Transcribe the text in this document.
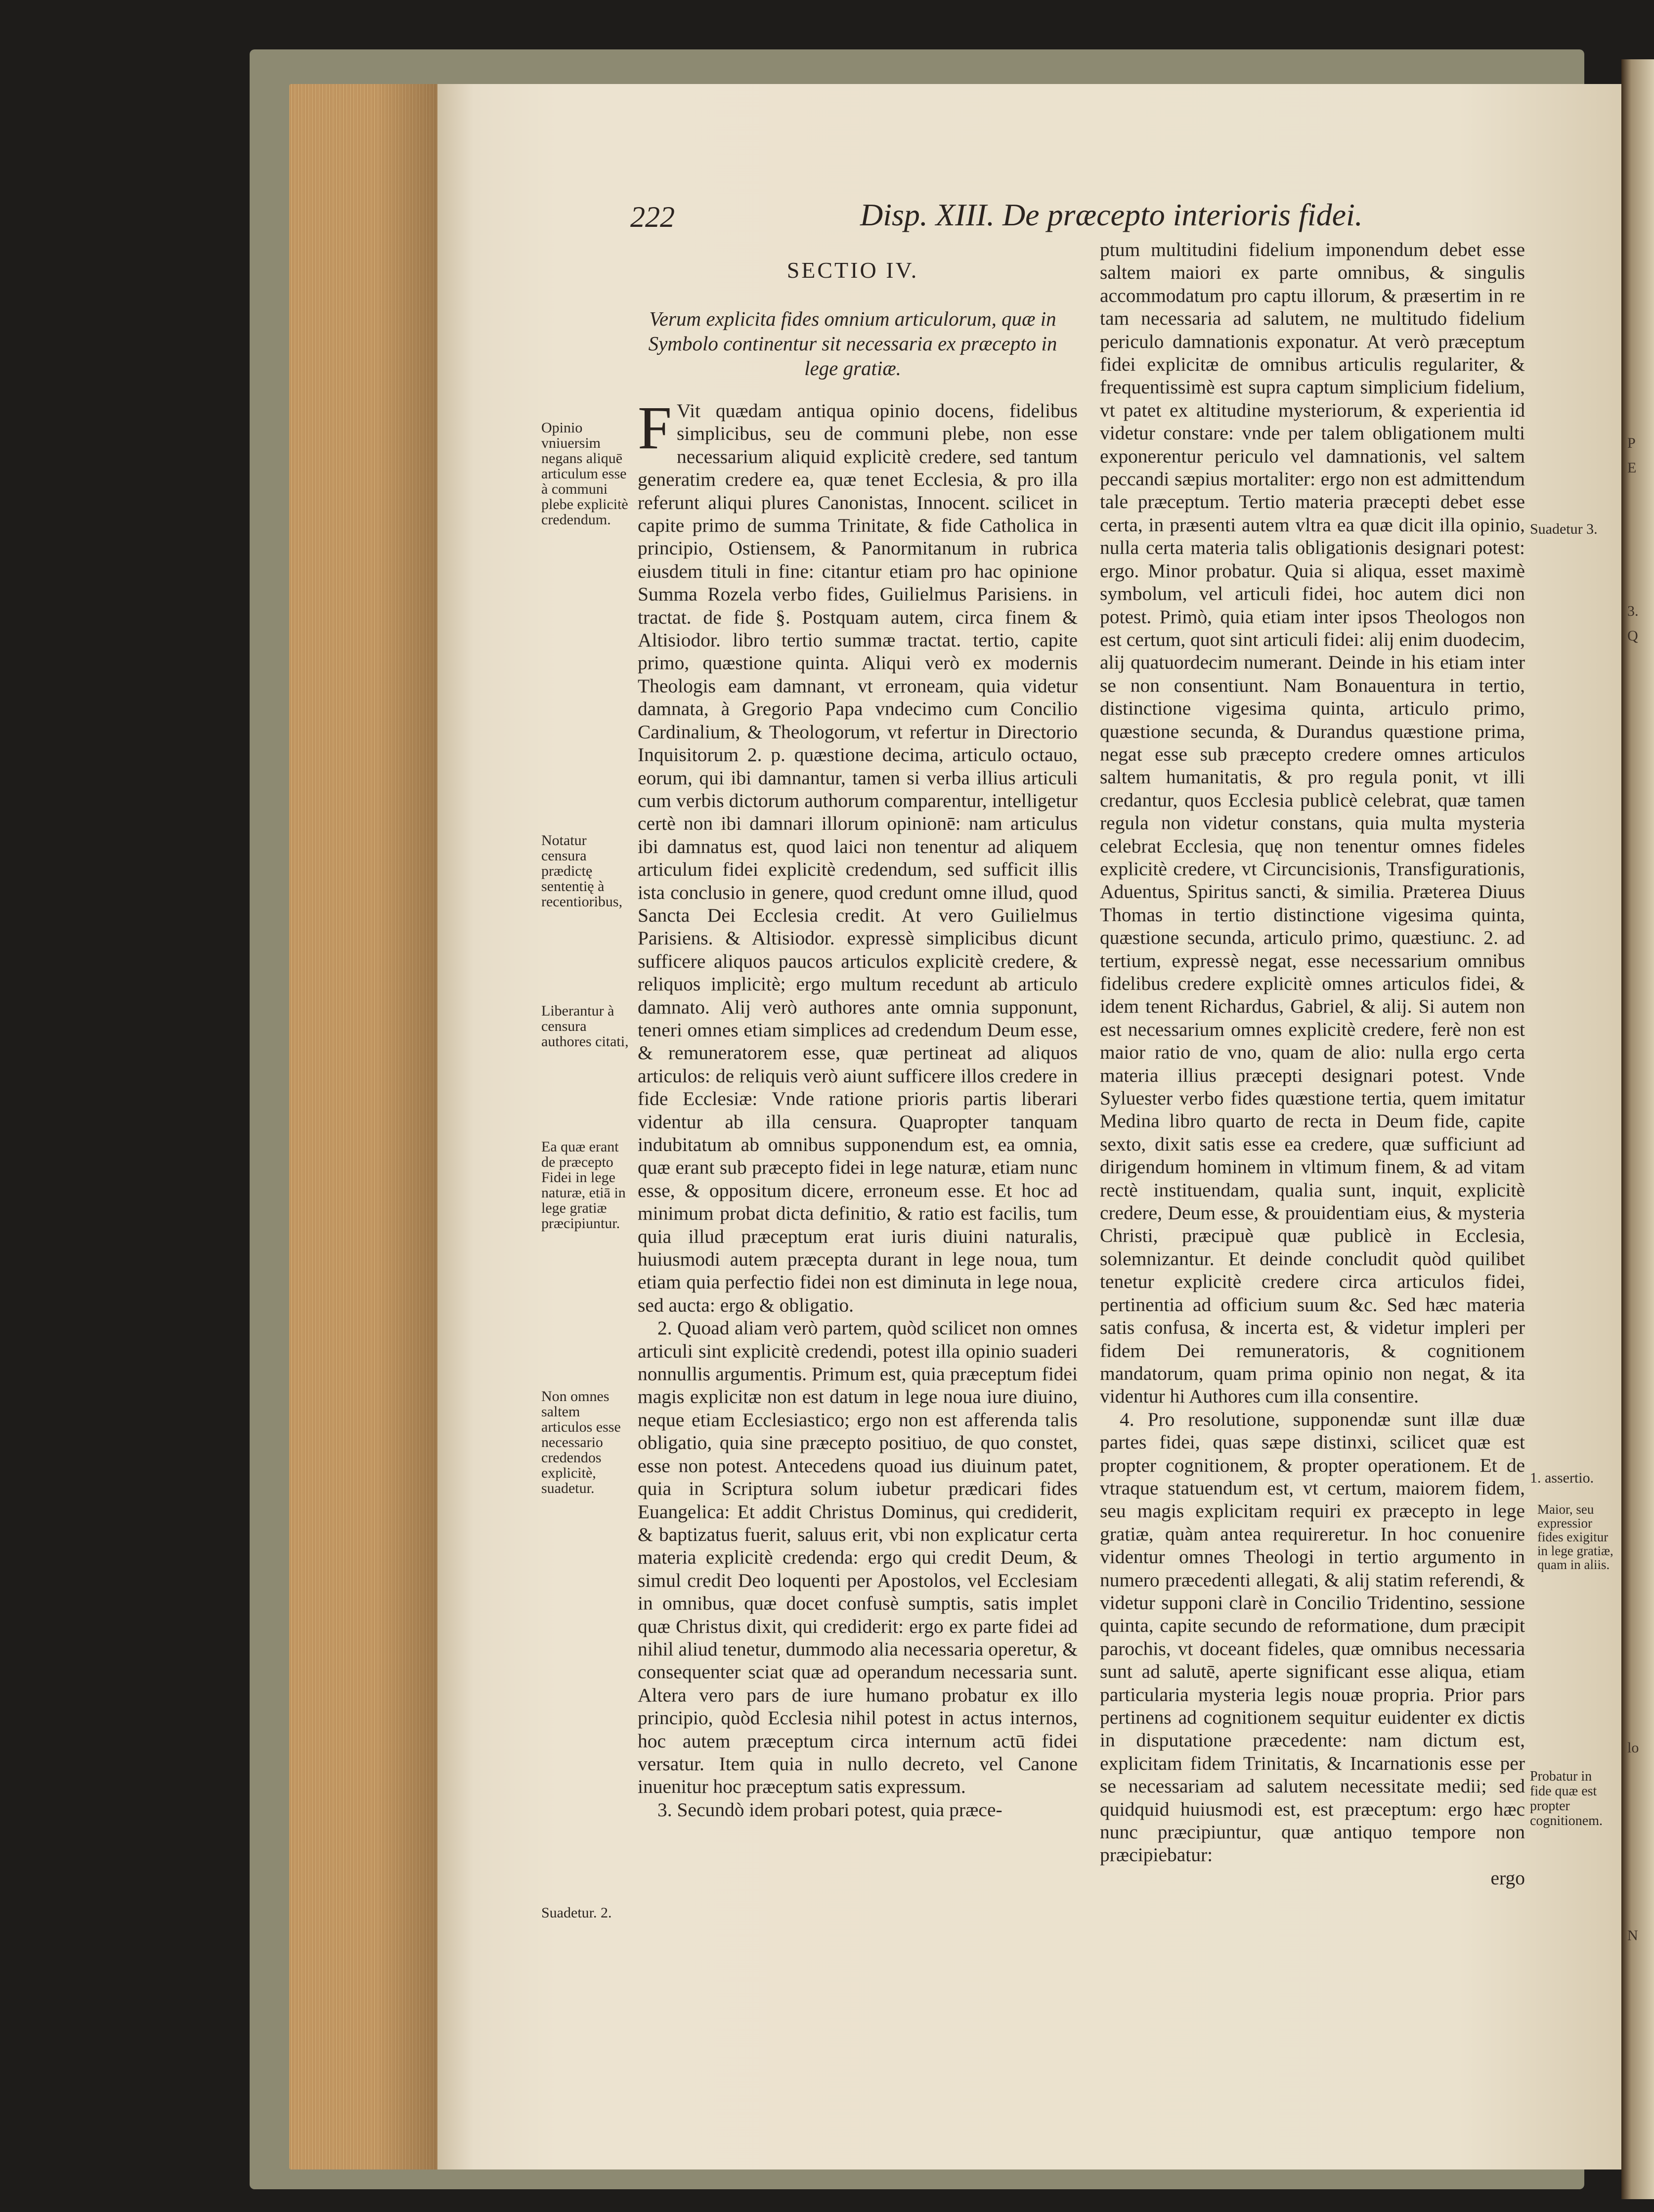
P
E
3.
Q
lo
N
222	Disp. XIII. De præcepto interioris fidei.
SECTIO IV.
Verum explicita fides omnium articulorum, quæ in Symbolo continentur sit necessaria ex præcepto in lege gratiæ.

F Vit quædam antiqua opinio docens, fidelibus simplicibus, seu de communi plebe, non esse necessarium aliquid explicitè credere, sed tantum generatim credere ea, quæ tenet Ecclesia, & pro illa referunt aliqui plures Canonistas, Innocent. scilicet in capite primo de summa Trinitate, & fide Catholica in principio, Ostiensem, & Panormitanum in rubrica eiusdem tituli in fine: citantur etiam pro hac opinione Summa Rozela verbo fides, Guilielmus Parisiens. in tractat. de fide §. Postquam autem, circa finem & Altisiodor. libro tertio summæ tractat. tertio, capite primo, quæstione quinta. Aliqui verò ex modernis Theologis eam damnant, vt erroneam, quia videtur damnata, à Gregorio Papa vndecimo cum Concilio Cardinalium, & Theologorum, vt refertur in Directorio Inquisitorum 2. p. quæstione decima, articulo octauo, eorum, qui ibi damnantur, tamen si verba illius articuli cum verbis dictorum authorum comparentur, intelligetur certè non ibi damnari illorum opinionē: nam articulus ibi damnatus est, quod laici non tenentur ad aliquem articulum fidei explicitè credendum, sed sufficit illis ista conclusio in genere, quod credunt omne illud, quod Sancta Dei Ecclesia credit. At vero Guilielmus Parisiens. & Altisiodor. expressè simplicibus dicunt sufficere aliquos paucos articulos explicitè credere, & reliquos implicitè; ergo multum recedunt ab articulo damnato. Alij verò authores ante omnia supponunt, teneri omnes etiam simplices ad credendum Deum esse, & remuneratorem esse, quæ pertineat ad aliquos articulos: de reliquis verò aiunt sufficere illos credere in fide Ecclesiæ: Vnde ratione prioris partis liberari videntur ab illa censura. Quapropter tanquam indubitatum ab omnibus supponendum est, ea omnia, quæ erant sub præcepto fidei in lege naturæ, etiam nunc esse, & oppositum dicere, erroneum esse. Et hoc ad minimum probat dicta definitio, & ratio est facilis, tum quia illud præceptum erat iuris diuini naturalis, huiusmodi autem præcepta durant in lege noua, tum etiam quia perfectio fidei non est diminuta in lege noua, sed aucta: ergo & obligatio.

2. Quoad aliam verò partem, quòd scilicet non omnes articuli sint explicitè credendi, potest illa opinio suaderi nonnullis argumentis. Primum est, quia præceptum fidei magis explicitæ non est datum in lege noua iure diuino, neque etiam Ecclesiastico; ergo non est afferenda talis obligatio, quia sine præcepto positiuo, de quo constet, esse non potest. Antecedens quoad ius diuinum patet, quia in Scriptura solum iubetur prædicari fides Euangelica: Et addit Christus Dominus, qui crediderit, & baptizatus fuerit, saluus erit, vbi non explicatur certa materia explicitè credenda: ergo qui credit Deum, & simul credit Deo loquenti per Apostolos, vel Ecclesiam in omnibus, quæ docet confusè sumptis, satis implet quæ Christus dixit, qui crediderit: ergo ex parte fidei ad nihil aliud tenetur, dummodo alia necessaria operetur, & consequenter sciat quæ ad operandum necessaria sunt. Altera vero pars de iure humano probatur ex illo principio, quòd Ecclesia nihil potest in actus internos, hoc autem præceptum circa internum actū fidei versatur. Item quia in nullo decreto, vel Canone inuenitur hoc præceptum satis expressum.

3. Secundò idem probari potest, quia præce-

ptum multitudini fidelium imponendum debet esse saltem maiori ex parte omnibus, & singulis accommodatum pro captu illorum, & præsertim in re tam necessaria ad salutem, ne multitudo fidelium periculo damnationis exponatur. At verò præceptum fidei explicitæ de omnibus articulis regulariter, & frequentissimè est supra captum simplicium fidelium, vt patet ex altitudine mysteriorum, & experientia id videtur constare: vnde per talem obligationem multi exponerentur periculo vel damnationis, vel saltem peccandi sæpius mortaliter: ergo non est admittendum tale præceptum. Tertio materia præcepti debet esse certa, in præsenti autem vltra ea quæ dicit illa opinio, nulla certa materia talis obligationis designari potest: ergo. Minor probatur. Quia si aliqua, esset maximè symbolum, vel articuli fidei, hoc autem dici non potest. Primò, quia etiam inter ipsos Theologos non est certum, quot sint articuli fidei: alij enim duodecim, alij quatuordecim numerant. Deinde in his etiam inter se non consentiunt. Nam Bonauentura in tertio, distinctione vigesima quinta, articulo primo, quæstione secunda, & Durandus quæstione prima, negat esse sub præcepto credere omnes articulos saltem humanitatis, & pro regula ponit, vt illi credantur, quos Ecclesia publicè celebrat, quæ tamen regula non videtur constans, quia multa mysteria celebrat Ecclesia, quę non tenentur omnes fideles explicitè credere, vt Circuncisionis, Transfigurationis, Aduentus, Spiritus sancti, & similia. Præterea Diuus Thomas in tertio distinctione vigesima quinta, quæstione secunda, articulo primo, quæstiunc. 2. ad tertium, expressè negat, esse necessarium omnibus fidelibus credere explicitè omnes articulos fidei, & idem tenent Richardus, Gabriel, & alij. Si autem non est necessarium omnes explicitè credere, ferè non est maior ratio de vno, quam de alio: nulla ergo certa materia illius præcepti designari potest. Vnde Syluester verbo fides quæstione tertia, quem imitatur Medina libro quarto de recta in Deum fide, capite sexto, dixit satis esse ea credere, quæ sufficiunt ad dirigendum hominem in vltimum finem, & ad vitam rectè instituendam, qualia sunt, inquit, explicitè credere, Deum esse, & prouidentiam eius, & mysteria Christi, præcipuè quæ publicè in Ecclesia, solemnizantur. Et deinde concludit quòd quilibet tenetur explicitè credere circa articulos fidei, pertinentia ad officium suum &c. Sed hæc materia satis confusa, & incerta est, & videtur impleri per fidem Dei remuneratoris, & cognitionem mandatorum, quam prima opinio non negat, & ita videntur hi Authores cum illa consentire.

4. Pro resolutione, supponendæ sunt illæ duæ partes fidei, quas sæpe distinxi, scilicet quæ est propter cognitionem, & propter operationem. Et de vtraque statuendum est, vt certum, maiorem fidem, seu magis explicitam requiri ex præcepto in lege gratiæ, quàm antea requireretur. In hoc conuenire videntur omnes Theologi in tertio argumento in numero præcedenti allegati, & alij statim referendi, & videtur supponi clarè in Concilio Tridentino, sessione quinta, capite secundo de reformatione, dum præcipit parochis, vt doceant fideles, quæ omnibus necessaria sunt ad salutē, aperte significant esse aliqua, etiam particularia mysteria legis nouæ propria. Prior pars pertinens ad cognitionem sequitur euidenter ex dictis in disputatione præcedente: nam dictum est, explicitam fidem Trinitatis, & Incarnationis esse per se necessariam ad salutem necessitate medii; sed quidquid huiusmodi est, est præceptum: ergo hæc nunc præcipiuntur, quæ antiquo tempore non præcipiebatur:

ergo

Opinio vniuersim negans aliquē articulum esse à communi plebe explicitè credendum.
Notatur censura prædictę sententię à recentioribus,
Liberantur à censura authores citati,
Ea quæ erant de præcepto Fidei in lege naturæ, etiā in lege gratiæ præcipiuntur.
Non omnes saltem articulos esse necessario credendos explicitè, suadetur.
Suadetur. 2.
Suadetur 3.
1. assertio.
Maior, seu expressior fides exigitur in lege gratiæ, quam in aliis.
Probatur in fide quæ est propter cognitionem.
